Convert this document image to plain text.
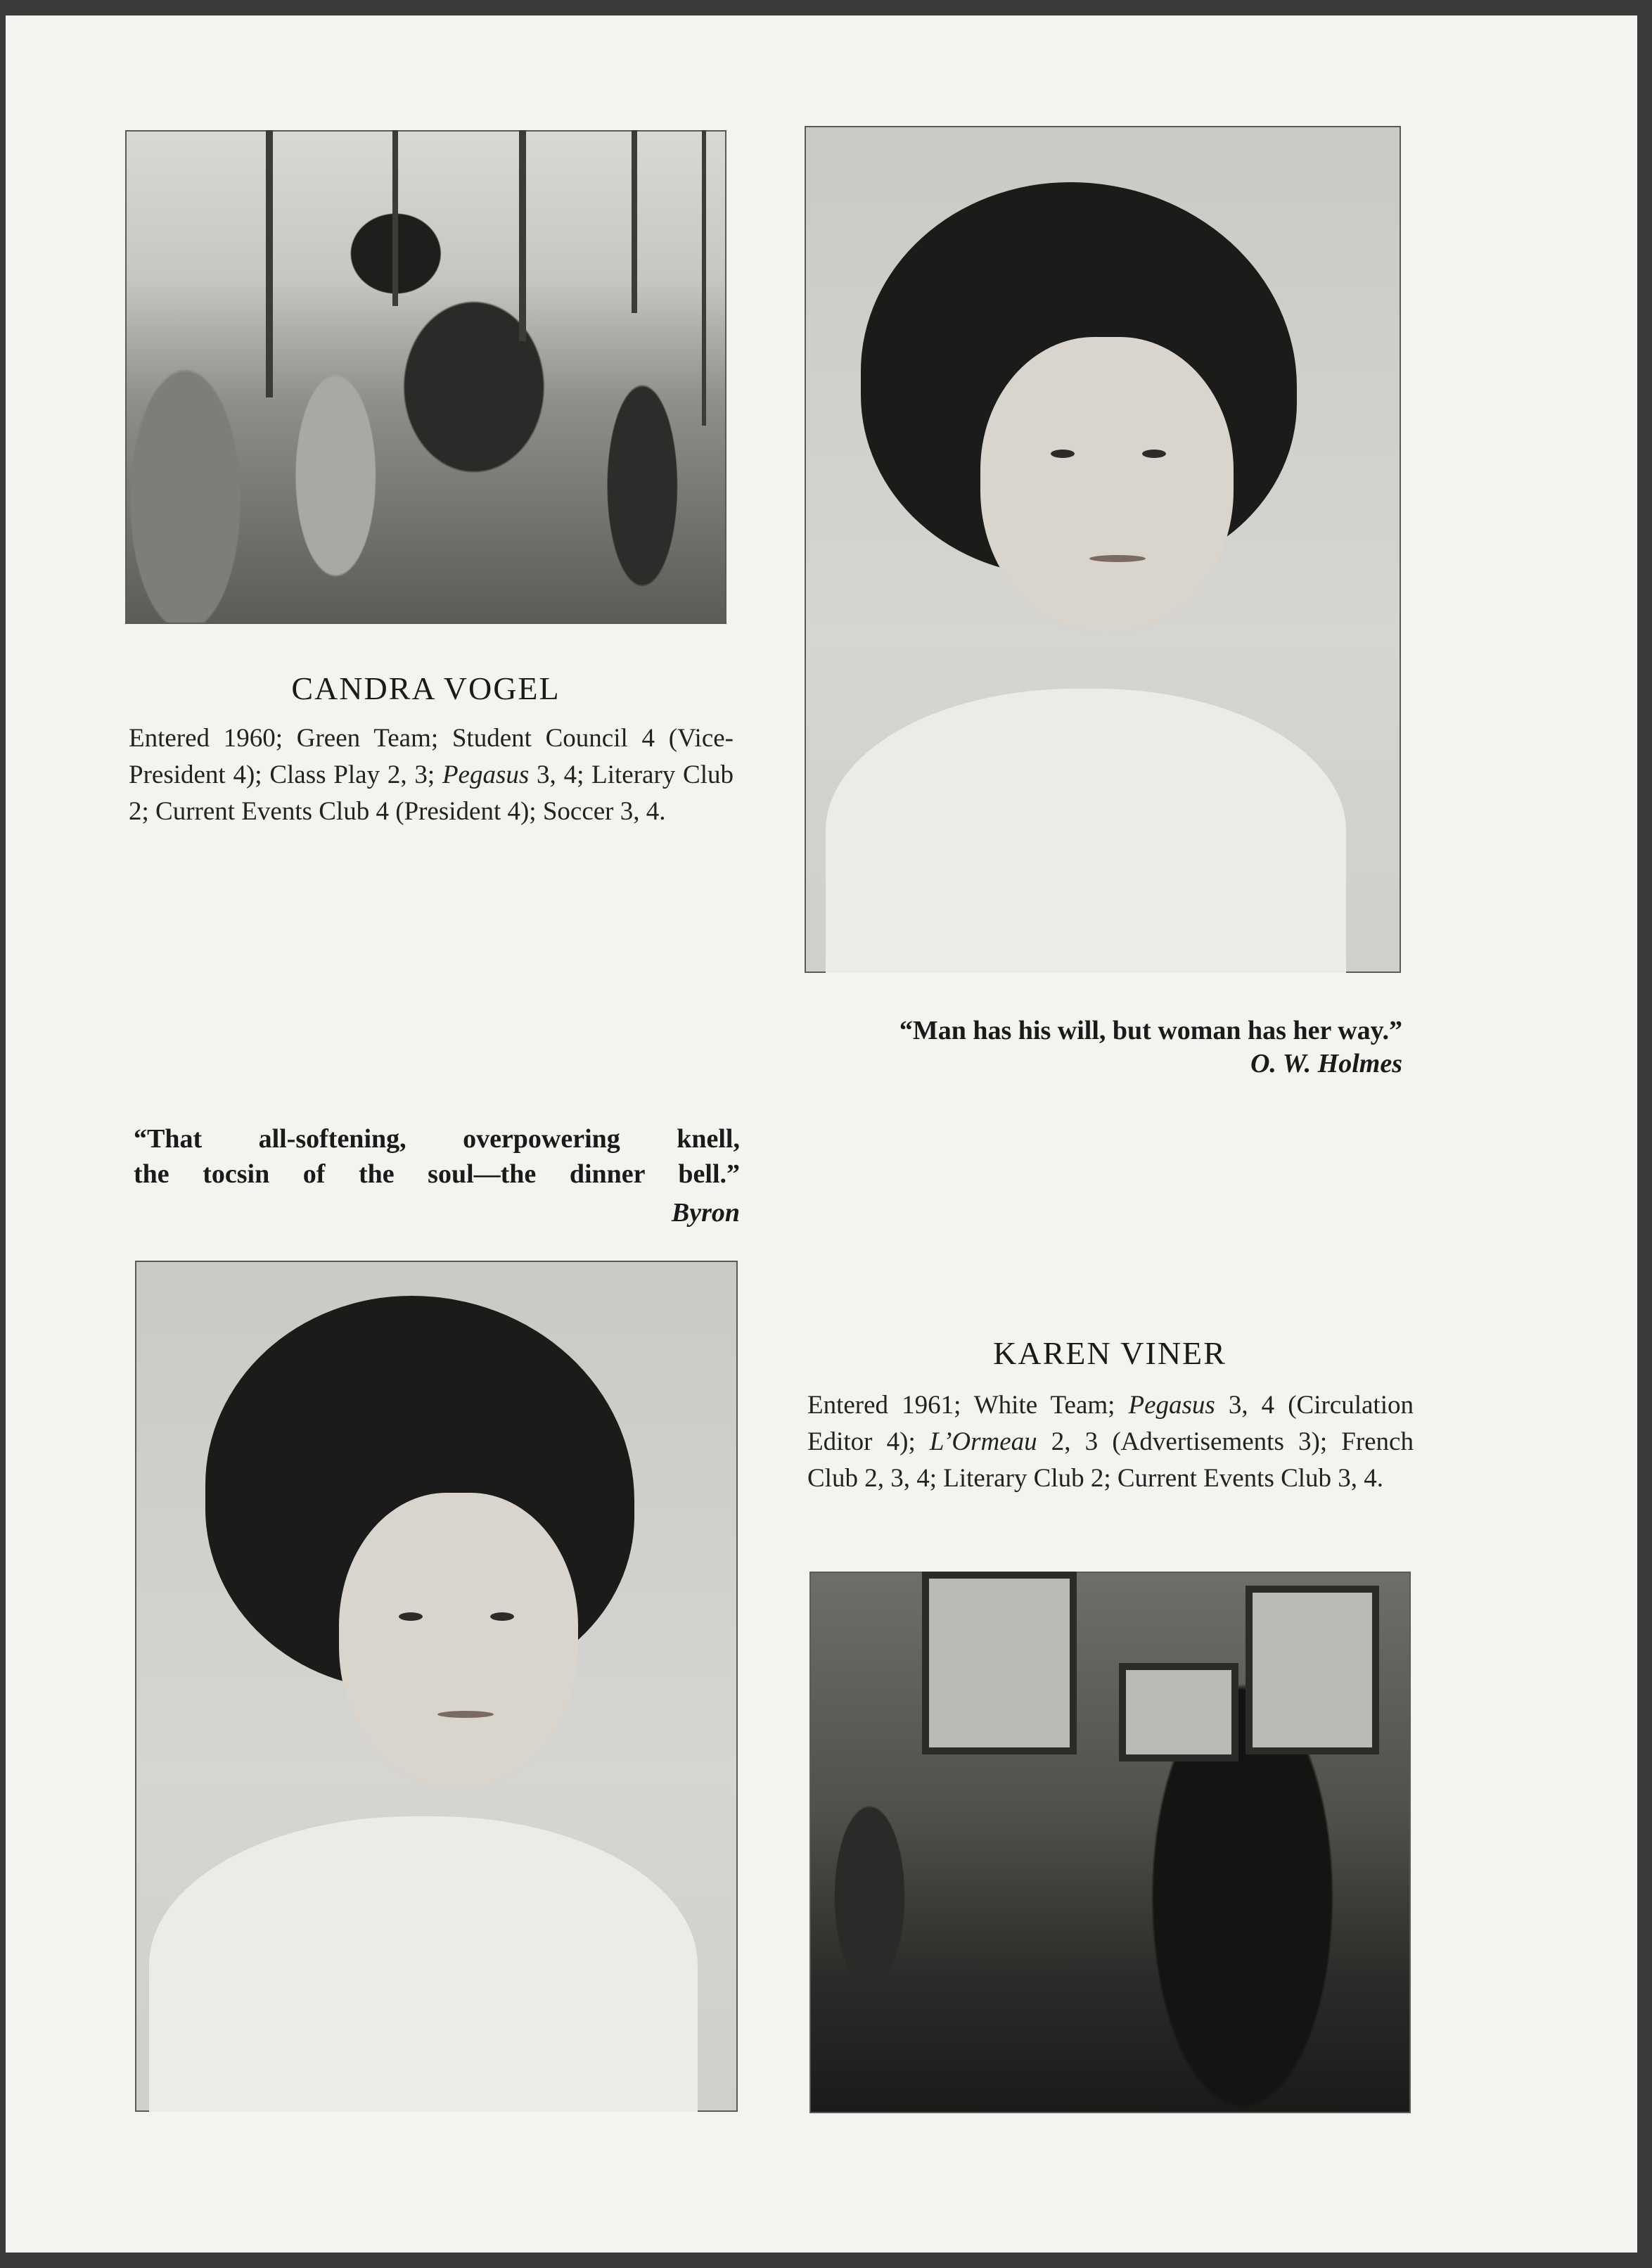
CANDRA VOGEL
Entered 1960; Green Team; Student Council 4 (Vice-President 4); Class Play 2, 3; Pegasus 3, 4; Literary Club 2; Current Events Club 4 (President 4); Soccer 3, 4.
“Man has his will, but woman has her way.”
O. W. Holmes
“That all-softening, overpowering knell,
the tocsin of the soul—the dinner bell.”
Byron
KAREN VINER
Entered 1961; White Team; Pegasus 3, 4 (Circulation Editor 4); L’Ormeau 2, 3 (Advertisements 3); French Club 2, 3, 4; Literary Club 2; Current Events Club 3, 4.
